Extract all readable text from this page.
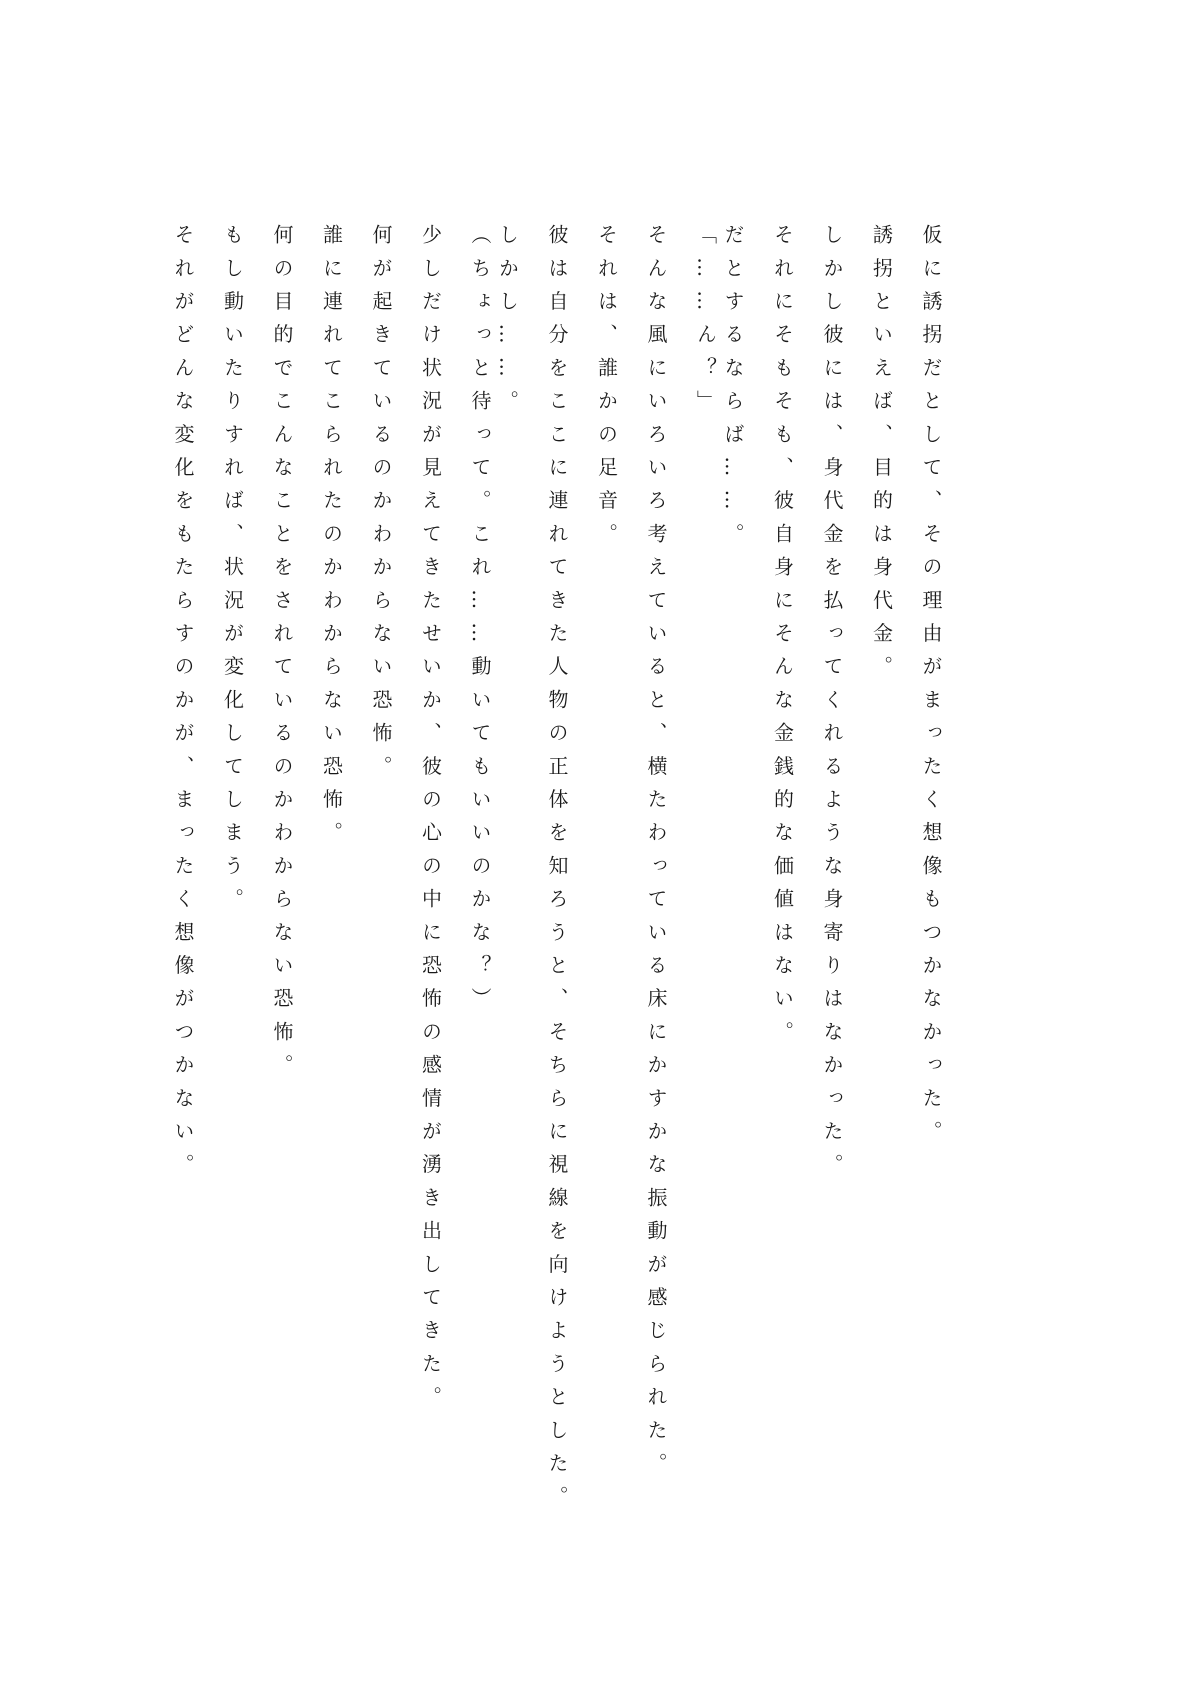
仮に誘拐だとして、その理由がまったく想像もつかなかった。

誘拐といえば、目的は身代金。

しかし彼には、身代金を払ってくれるような身寄りはなかった。

それにそもそも、彼自身にそんな金銭的な価値はない。

だとするならば……。

「……ん？」

そんな風にいろいろ考えていると、横たわっている床にかすかな振動が感じられた。

それは、誰かの足音。

彼は自分をここに連れてきた人物の正体を知ろうと、そちらに視線を向けようとした。

しかし……。

（ちょっと待って。これ……動いてもいいのかな？）

少しだけ状況が見えてきたせいか、彼の心の中に恐怖の感情が湧き出してきた。

何が起きているのかわからない恐怖。

誰に連れてこられたのかわからない恐怖。

何の目的でこんなことをされているのかわからない恐怖。

もし動いたりすれば、状況が変化してしまう。

それがどんな変化をもたらすのかが、まったく想像がつかない。
